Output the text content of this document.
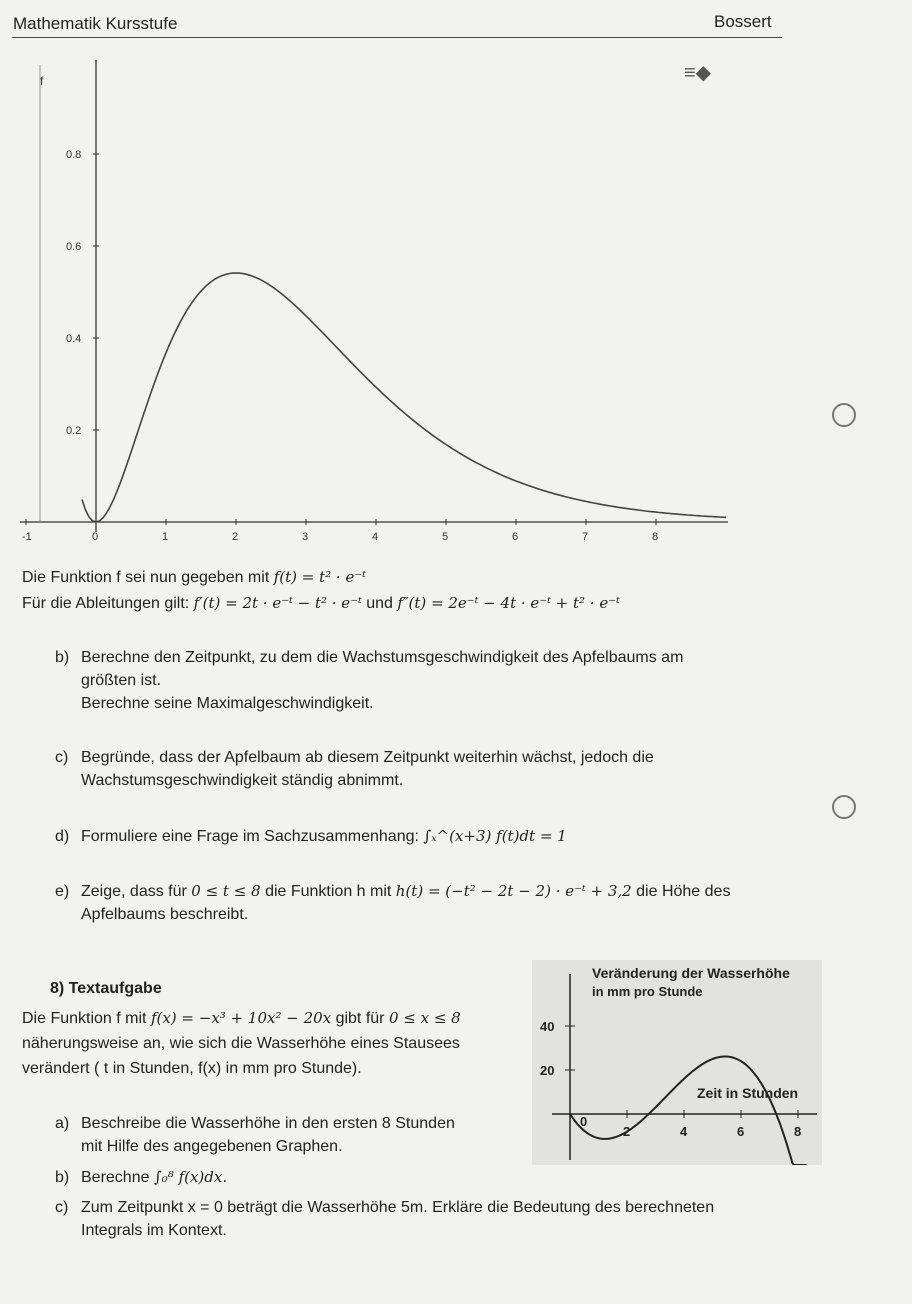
Mathematik Kursstufe	Bossert
≡◆
f
-1	0	1	2	3	4	5	6	7	8
0.8
0.6
0.4
0.2
Die Funktion f sei nun gegeben mit f(t) = t² · e⁻ᵗ
Für die Ableitungen gilt: f′(t) = 2t · e⁻ᵗ − t² · e⁻ᵗ und f″(t) = 2e⁻ᵗ − 4t · e⁻ᵗ + t² · e⁻ᵗ
b) Berechne den Zeitpunkt, zu dem die Wachstumsgeschwindigkeit des Apfelbaums am
größten ist.
Berechne seine Maximalgeschwindigkeit.
c) Begründe, dass der Apfelbaum ab diesem Zeitpunkt weiterhin wächst, jedoch die
Wachstumsgeschwindigkeit ständig abnimmt.
d) Formuliere eine Frage im Sachzusammenhang: ∫ₓ^(x+3) f(t)dt = 1
e) Zeige, dass für 0 ≤ t ≤ 8 die Funktion h mit h(t) = (−t² − 2t − 2) · e⁻ᵗ + 3,2 die Höhe des
Apfelbaums beschreibt.
8) Textaufgabe
Die Funktion f mit f(x) = −x³ + 10x² − 20x gibt für 0 ≤ x ≤ 8
näherungsweise an, wie sich die Wasserhöhe eines Stausees
verändert ( t in Stunden, f(x) in mm pro Stunde).
a) Beschreibe die Wasserhöhe in den ersten 8 Stunden
mit Hilfe des angegebenen Graphen.
b) Berechne ∫₀⁸ f(x)dx.
c) Zum Zeitpunkt x = 0 beträgt die Wasserhöhe 5m. Erkläre die Bedeutung des berechneten
Integrals im Kontext.
Veränderung der Wasserhöhe
in mm pro Stunde
Zeit in Stunden
0
2	4	6	8
40
20
